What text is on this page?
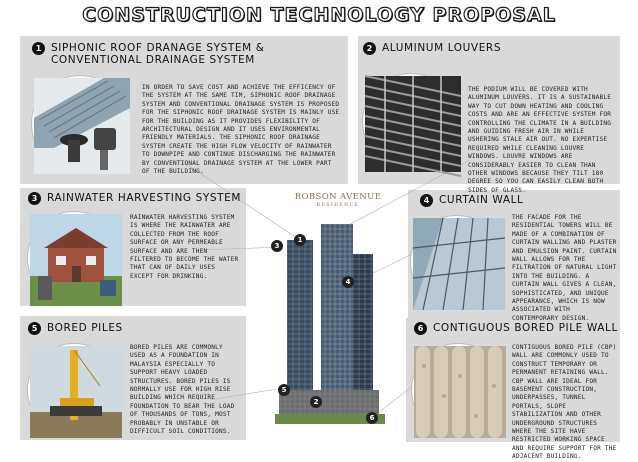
CONSTRUCTION TECHNOLOGY PROPOSAL
1 SIPHONIC ROOF DRANAGE SYSTEM & CONVENTIONAL DRAINAGE SYSTEM
IN ORDER TO SAVE COST AND ACHIEVE THE EFFICENCY OF THE SYSTEM AT THE SAME TIM, SIPHONIC ROOF DRAINAGE SYSTEM AND CONVENTIONAL DRAINAGE SYSTEM IS PROPOSED FOR THE SIPHONIC ROOF DRAINAGE SYSTEM IS MAINLY USE FOR THE BUILDING AS IT PROVIDES FLEXIBILITY OF ARCHITECTURAL DESIGN AND IT USES ENVIRONMENTAL FRIENDLY MATERIALS. THE SIPHONIC ROOF DRAINAGE SYSTEM CREATE THE HIGH FLOW VELOCITY OF RAINWATER TO DOWNPIPE AND CONTINUE DISCHARGING THE RAINWATER BY CONVENTIONAL DRAINAGE SYSTEM AT THE LOWER PART OF THE BUILDING.
2 ALUMINUM LOUVERS
THE PODIUM WILL BE COVERED WITH ALUMINUM LOUVERS. IT IS A SUSTAINABLE WAY TO CUT DOWN HEATING AND COOLING COSTS AND ARE AN EFFECTIVE SYSTEM FOR CONTROLLING THE CLIMATE IN A BUILDING AND GUIDING FRESH AIR IN WHILE USHERING STALE AIR OUT. NO EXPERTISE REQUIRED WHILE CLEANING LOUVRE WINDOWS. LOUVRE WINDOWS ARE CONSIDERABLY EASIER TO CLEAN THAN OTHER WINDOWS BECAUSE THEY TILT 180 DEGREE SO YOU CAN EASILY CLEAN BOTH SIDES OF GLASS.
3 RAINWATER HARVESTING SYSTEM
RAINWATER HARVESTING SYSTEM IS WHERE THE RAINWATER ARE COLLECTED FROM THE ROOF SURFACE OR ANY PERMEABLE SURFACE AND ARE THEN FILTERED TO BECOME THE WATER THAT CAN OF DAILY USES EXCEPT FOR DRINKING.
4 CURTAIN WALL
THE FACADE FOR THE RESIDENTIAL TOWERS WILL BE MADE OF A COMBINATION OF CURTAIN WALLING AND PLASTER AND EMULSION PAINT. CURTAIN WALL ALLOWS FOR THE FILTRATION OF NATURAL LIGHT INTO THE BUILDING. A CURTAIN WALL GIVES A CLEAN, SOPHISTICATED, AND UNIQUE APPEARANCE, WHICH IS NOW ASSOCIATED WITH CONTEMPORARY DESIGN.
5 BORED PILES
BORED PILES ARE COMMONLY USED AS A FOUNDATION IN MALAYSIA ESPECIALLY TO SUPPORT HEAVY LOADED STRUCTURES. BORED PILES IS NORMALLY USE FOR HIGH RISE BUILDING WHICH REQUIRE FOUNDATION TO BEAR THE LOAD OF THOUSANDS OF TONS, MOST PROBABLY IN UNSTABLE OR DIFFICULT SOIL CONDITIONS.
6 CONTIGUOUS BORED PILE WALL
CONTIGUOUS BORED PILE (CBP) WALL ARE COMMONLY USED TO CONSTRUCT TEMPORARY OR PERMANENT RETAINING WALL. CBP WALL ARE IDEAL FOR BASEMENT CONSTRUCTION, UNDERPASSES, TUNNEL PORTALS, SLOPE STABILIZATION AND OTHER UNDERGROUND STRUCTURES WHERE THE SITE HAVE RESTRICTED WORKING SPACE AND REQUIRE SUPPORT FOR THE ADJACENT BUILDING.
ROBSON AVENUE
RESIDENCE
3
1
4
5
2
6
